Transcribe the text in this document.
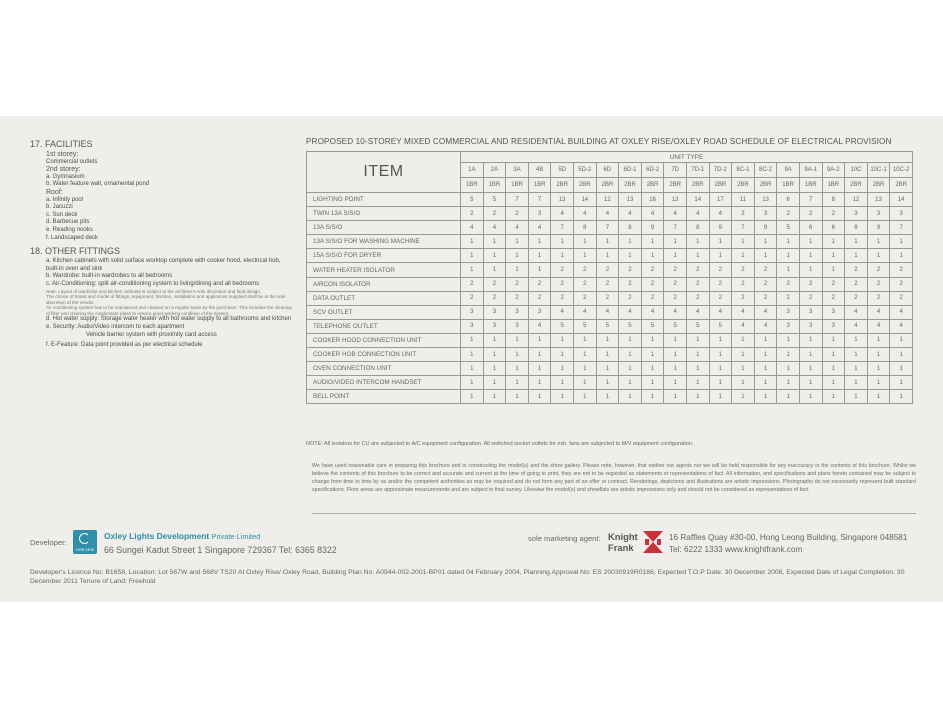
17. FACILITIES
1st storey:
Commercial outlets
2nd storey:
a. Gymnasium
b. Water feature wall, ornamental pond
Roof:
a. Infinity pool
b. Jacuzzi
c. Sun deck
d. Barbecue pits
e. Reading nooks
f. Landscaped deck
18. OTHER FITTINGS
a. Kitchen cabinets with solid surface worktop complete with cooker hood, electrical hob, built-in oven and sink
b. Wardrobe: built-in wardrobes to all bedrooms
c. Air-Conditioning: split air-conditioning system to living/dining and all bedrooms
Note: Layout of wardrobe and kitchen cabinets is subject to the architect's sole discretion and final design.
The choice of brand and model of fittings, equipment, finishes, installation and appliances supplied shall be at the sole discretion of the vendor.
Air conditioning system has to be maintained and cleaned on a regular basis by the purchaser. This includes the cleaning of filter and clearing the condensate pipes to ensure good working condition of the system.
d. Hot water supply: Storage water heater with hot water supply to all bathrooms and kitchen
e. Security: Audio/Video intercom to each apartment
Vehicle barrier system with proximity card access
f. E-Feature: Data point provided as per electrical schedule
PROPOSED 10-STOREY MIXED COMMERCIAL AND RESIDENTIAL BUILDING AT OXLEY RISE/OXLEY ROAD SCHEDULE OF ELECTRICAL PROVISION
ITEM	UNIT TYPE																			
	1A	2A	3A	4B	5D	5D-2	6D	6D-1	6D-2	7D	7D-1	7D-2	8C-1	8C-2	9A	9A-1	9A-2	10C	10C-1	10C-2
	1BR	1BR	1BR	1BR	2BR	2BR	2BR	2BR	2BR	2BR	2BR	2BR	2BR	2BR	1BR	1BR	1BR	2BR	2BR	2BR
LIGHTING POINT	5	5	7	7	13	14	12	13	16	13	14	17	11	13	6	7	8	12	13	14
TWIN 13A S/S/O	2	2	2	3	4	4	4	4	4	4	4	4	3	3	2	2	2	3	3	3
13A S/S/O	4	4	4	4	7	8	7	8	9	7	8	9	7	9	5	6	6	8	9	7
13A S/S/O FOR WASHING MACHINE	1	1	1	1	1	1	1	1	1	1	1	1	1	1	1	1	1	1	1	1
15A S/S/O FOR DRYER	1	1	1	1	1	1	1	1	1	1	1	1	1	1	1	1	1	1	1	1
WATER HEATER ISOLATOR	1	1	1	1	2	2	2	2	2	2	2	2	2	2	1	1	1	2	2	2
AIRCON ISOLATOR	2	2	2	2	2	2	2	2	2	2	2	2	2	2	2	2	2	2	2	2
DATA OUTLET	2	2	2	2	2	2	2	2	2	2	2	2	2	2	2	2	2	2	2	2
SCV OUTLET	3	3	3	3	4	4	4	4	4	4	4	4	4	4	3	3	3	4	4	4
TELEPHONE OUTLET	3	3	3	4	5	5	5	5	5	5	5	5	4	4	3	3	3	4	4	4
COOKER HOOD CONNECTION UNIT	1	1	1	1	1	1	1	1	1	1	1	1	1	1	1	1	1	1	1	1
COOKER HOB CONNECTION UNIT	1	1	1	1	1	1	1	1	1	1	1	1	1	1	1	1	1	1	1	1
OVEN CONNECTION UNIT	1	1	1	1	1	1	1	1	1	1	1	1	1	1	1	1	1	1	1	1
AUDIO/VIDEO INTERCOM HANDSET	1	1	1	1	1	1	1	1	1	1	1	1	1	1	1	1	1	1	1	1
BELL POINT	1	1	1	1	1	1	1	1	1	1	1	1	1	1	1	1	1	1	1	1
NOTE: All isolators for CU are subjected to A/C equipment configuration. All switched socket outlets for exh. fans are subjected to M/V equipment configuration.
We have used reasonable care in preparing this brochure and in constructing the model(s) and the show gallery. Please note, however, that neither our agents nor we will be held responsible for any inaccuracy in the contents of this brochure. Whilst we believe the contents of this brochure to be correct and accurate and current at the time of going to print, they are not to be regarded as statements or representations of fact. All information, and specifications and plans herein contained may be subject to change from time to time by us and/or the competent authorities as may be required and do not form any part of an offer or contract. Renderings, depictions and illustrations are artistic impressions. Photographs do not necessarily represent built standard specifications. Floor areas are approximate measurements and are subject to final survey. Likewise the model(s) and showflats are artistic impressions only and should not be considered as representations of fact.
Developer:
HOR KEW
Oxley Lights Development Private Limited
66 Sungei Kadut Street 1 Singapore 729367 Tel: 6365 8322
sole marketing agent: Knight
Frank
16 Raffles Quay #30-00, Hong Leong Building, Singapore 048581
Tel: 6222 1333 www.knightfrank.com
Developer's Licence No: B1658, Location: Lot 567W and 568V TS20 At Oxley Rise/ Oxley Road, Building Plan No: A0944-002-2001-BP01 dated 04 February 2004, Planning Approval No: ES 20030919R0186, Expected T.O.P Date: 30 December 2008, Expected Date of Legal Completion: 30 December 2011 Tenure of Land: Freehold
